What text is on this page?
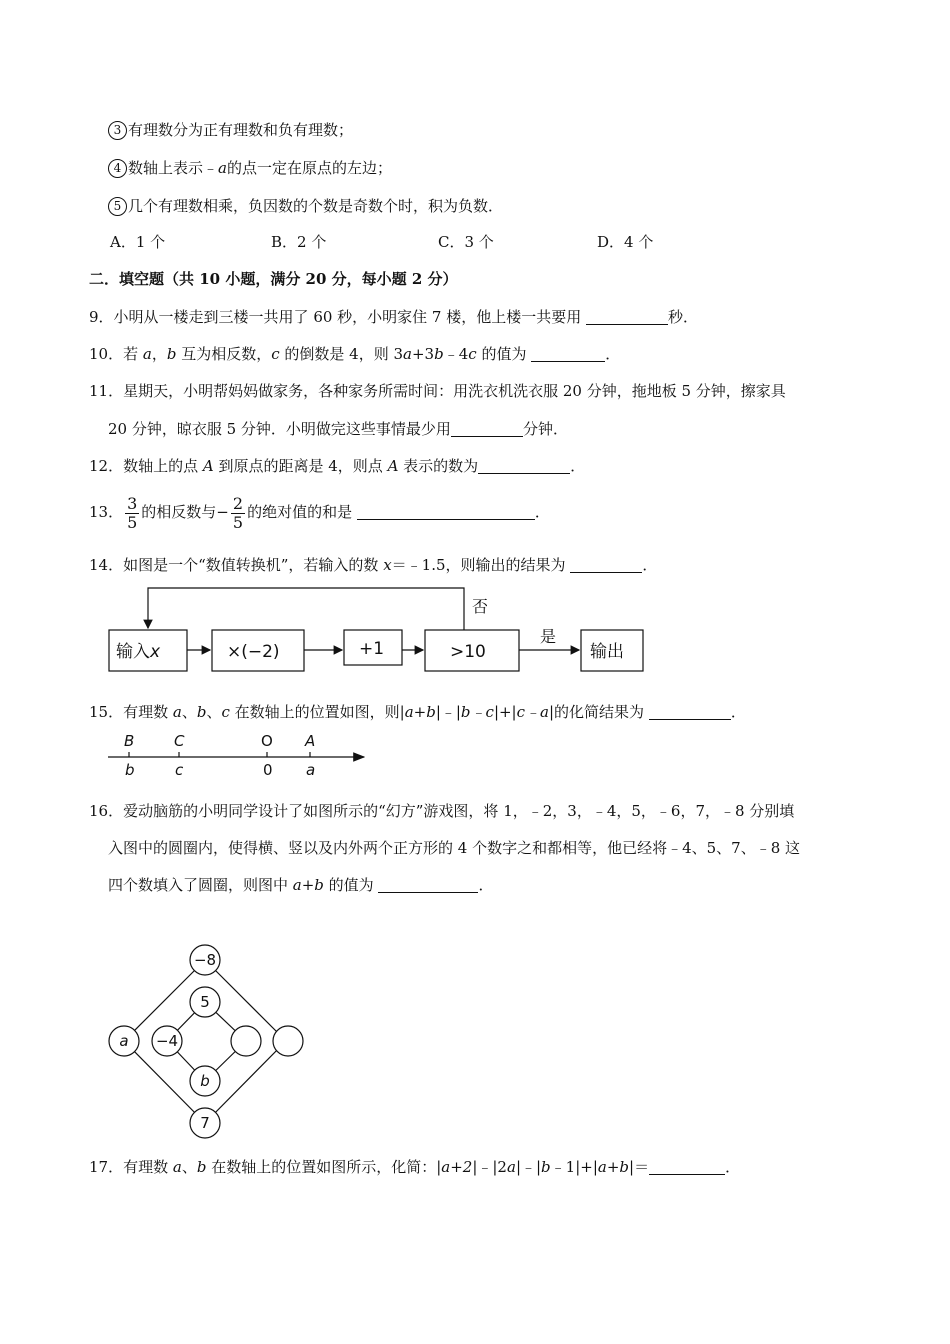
3 有理数分为正有理数和负有理数；
4 数轴上表示﹣a的点一定在原点的左边；
5 几个有理数相乘，负因数的个数是奇数个时，积为负数．
A．1 个	B．2 个	C．3 个	D．4 个
二．填空题（共 10 小题，满分 20 分，每小题 2 分）
9．小明从一楼走到三楼一共用了 60 秒，小明家住 7 楼，他上楼一共要用	秒．
10．若 a，b 互为相反数，c 的倒数是 4，则 3a+3b﹣4c 的值为	．
11．星期天，小明帮妈妈做家务，各种家务所需时间：用洗衣机洗衣服 20 分钟，拖地板 5 分钟，擦家具
20 分钟，晾衣服 5 分钟．小明做完这些事情最少用	分钟．
12．数轴上的点 A 到原点的距离是 4，则点 A 表示的数为	．
13． $\frac{3}{5}$ 的相反数与− $\frac{2}{5}$ 的绝对值的和是	．
14．如图是一个“数值转换机”，若输入的数 x＝﹣1.5，则输出的结果为	．
输入x	×(−2)	+1	>10	输出
否
是
15．有理数 a、b、c 在数轴上的位置如图，则|a+b|﹣|b﹣c|+|c﹣a|的化简结果为	．
B	C	O A
b	c	0 a
16．爱动脑筋的小明同学设计了如图所示的“幻方”游戏图，将 1，﹣2，3，﹣4，5，﹣6，7，﹣8 分别填
入图中的圆圈内，使得横、竖以及内外两个正方形的 4 个数字之和都相等，他已经将﹣4、5、7、﹣8 这
四个数填入了圆圈，则图中 a+b 的值为	．
−8
5
a −4
b
7
17．有理数 a、b 在数轴上的位置如图所示，化简：|a+2|﹣|2a|﹣|b﹣1|+|a+b|＝	．
